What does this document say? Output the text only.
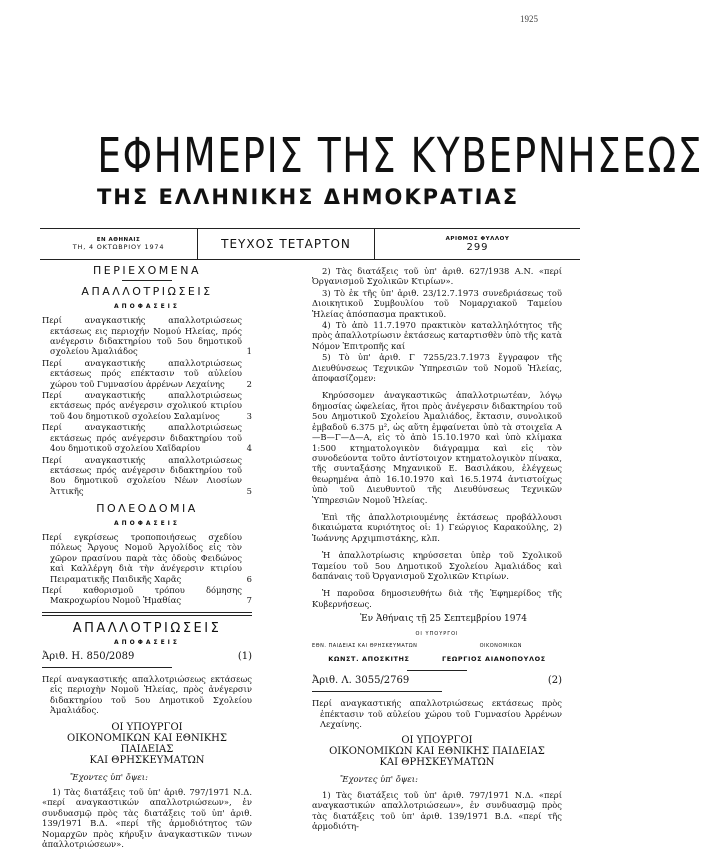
1925
ΕΦΗΜΕΡΙΣ ΤΗΣ ΚΥΒΕΡΝΗΣΕΩΣ
ΤΗΣ ΕΛΛΗΝΙΚΗΣ ΔΗΜΟΚΡΑΤΙΑΣ
ΕΝ ΑΘΗΝΑΙΣ
ΤΗ, 4 ΟΚΤΩΒΡΙΟΥ 1974	ΤΕΥΧΟΣ ΤΕΤΑΡΤΟΝ	ΑΡΙΘΜΟΣ ΦΥΛΛΟΥ
299
ΠΕΡΙΕΧΟΜΕΝΑ
ΑΠΑΛΛΟΤΡΙΩΣΕΙΣ
ΑΠΟΦΑΣΕΙΣ
Περί αναγκαστικής απαλλοτριώσεως εκτάσεως εις περιοχήν Νομού Ηλείας, πρός ανέγερσιν διδακτηρίου τοῦ 5ου δημοτικοῦ σχολείου Ἀμαλιάδος	1
Περί αναγκαστικής απαλλοτριώσεως εκτάσεως πρός επέκτασιν τοῦ αὐλείου χώρου τοῦ Γυμνασίου ἀρρένων Λεχαίνης	2
Περί αναγκαστικής απαλλοτριώσεως εκτάσεως πρός ανέγερσιν σχολικού κτιρίου τοῦ 4ου δημοτικοῦ σχολείου Σαλαμίνος	3
Περί αναγκαστικής απαλλοτριώσεως εκτάσεως πρός ανέγερσιν διδακτηρίου τοῦ 4ου δημοτικοῦ σχολείου Χαϊδαρίου	4
Περί αναγκαστικής απαλλοτριώσεως εκτάσεως πρός ανέγερσιν διδακτηρίου τοῦ 8ου δημοτικοῦ σχολείου Νέων Λιοσίων Ἀττικῆς	5
ΠΟΛΕΟΔΟΜΙΑ
ΑΠΟΦΑΣΕΙΣ
Περί εγκρίσεως τροποποιήσεως σχεδίου πόλεως Ἄργους Νομοῦ Ἀργολίδος εἰς τὸν χῶρον πρασίνου παρὰ τὰς ὁδοὺς Φειδώνος καὶ Καλλέργη διὰ τὴν ἀνέγερσιν κτιρίου Πειραματικῆς Παιδικῆς Χαρᾶς	6
Περί καθορισμοῦ τρόπου δόμησης Μακροχωρίου Νομοῦ Ἠμαθίας	7
ΑΠΑΛΛΟΤΡΙΩΣΕΙΣ
ΑΠΟΦΑΣΕΙΣ
Ἀριθ. Η. 850/2089	(1)
Περί αναγκαστικής απαλλοτριώσεως εκτάσεως εἰς περιοχὴν Νομοῦ Ἠλείας, πρὸς ἀνέγερσιν διδακτηρίου τοῦ 5ου Δημοτικοῦ Σχολείου Ἀμαλιάδος.
ΟΙ ΥΠΟΥΡΓΟΙ
ΟΙΚΟΝΟΜΙΚΩΝ ΚΑΙ ΕΘΝΙΚΗΣ ΠΑΙΔΕΙΑΣ
ΚΑΙ ΘΡΗΣΚΕΥΜΑΤΩΝ
Ἔχοντες ὑπ' ὄψει:
1) Τὰς διατάξεις τοῦ ὑπ' ἀριθ. 797/1971 Ν.Δ. «περί αναγκαστικών απαλλοτριώσεων», ἐν συνδυασμῷ πρὸς τὰς διατάξεις τοῦ ὑπ' ἀριθ. 139/1971 Β.Δ. «περί τῆς ἁρμοδιότητος τῶν Νομαρχῶν πρὸς κήρυξιν ἀναγκαστικῶν τινων ἀπαλλοτριώσεων».
2) Τὰς διατάξεις τοῦ ὑπ' ἀριθ. 627/1938 Α.Ν. «περί Ὀργανισμοῦ Σχολικῶν Κτιρίων».
3) Τὸ ἐκ τῆς ὑπ' ἀριθ. 23/12.7.1973 συνεδριάσεως τοῦ Διοικητικοῦ Συμβουλίου τοῦ Νομαρχιακοῦ Ταμείου Ἠλείας ἀπόσπασμα πρακτικοῦ.
4) Τὸ ἀπὸ 11.7.1970 πρακτικὸν καταλληλότητος τῆς πρὸς ἀπαλλοτρίωσιν ἐκτάσεως καταρτισθὲν ὑπὸ τῆς κατὰ Νόμον Ἐπιτροπῆς καί
5) Τὸ ὑπ' ἀριθ. Γ 7255/23.7.1973 ἔγγραφον τῆς Διευθύνσεως Τεχνικῶν Ὑπηρεσιῶν τοῦ Νομοῦ Ἠλείας, ἀποφασίζομεν:
Κηρύσσομεν ἀναγκαστικῶς ἀπαλλοτριωτέαν, λόγῳ δημοσίας ὠφελείας, ἤτοι πρὸς ἀνέγερσιν διδακτηρίου τοῦ 5ου Δημοτικοῦ Σχολείου Ἀμαλιάδος, ἔκτασιν, συνολικοῦ ἐμβαδοῦ 6.375 μ², ὡς αὕτη ἐμφαίνεται ὑπὸ τὰ στοιχεῖα Α—Β—Γ—Δ—Α, εἰς τὸ ἀπὸ 15.10.1970 καὶ ὑπὸ κλίμακα 1:500 κτηματολογικὸν διάγραμμα καὶ εἰς τὸν συνοδεύοντα τοῦτο ἀντίστοιχον κτηματολογικὸν πίνακα, τῆς συνταξάσης Μηχανικοῦ Ε. Βασιλάκου, ἐλέγχεως θεωρημένα ἀπὸ 16.10.1970 καὶ 16.5.1974 ἀντιστοίχως ὑπὸ τοῦ Διευθυντοῦ τῆς Διευθύνσεως Τεχνικῶν Ὑπηρεσιῶν Νομοῦ Ἠλείας.
Ἐπὶ τῆς ἀπαλλοτριουμένης ἐκτάσεως προβάλλουσι δικαιώματα κυριότητος οἱ: 1) Γεώργιος Καρακούλης, 2) Ἰωάννης Αρχιμπιστάκης, κλπ.
Ἡ ἀπαλλοτρίωσις κηρύσσεται ὑπὲρ τοῦ Σχολικοῦ Ταμείου τοῦ 5ου Δημοτικοῦ Σχολείου Ἀμαλιάδος καὶ δαπάναις τοῦ Ὀργανισμοῦ Σχολικῶν Κτιρίων.
Ἡ παροῦσα δημοσιευθήτω διὰ τῆς Ἐφημερίδος τῆς Κυβερνήσεως.
Ἐν Ἀθήναις τῇ 25 Σεπτεμβρίου 1974
ΟΙ ΥΠΟΥΡΓΟΙ
ΕΘΝ. ΠΑΙΔΕΙΑΣ ΚΑΙ ΘΡΗΣΚΕΥΜΑΤΩΝ	ΟΙΚΟΝΟΜΙΚΩΝ
ΚΩΝΣΤ. ΑΠΟΣΚΙΤΗΣ	ΓΕΩΡΓΙΟΣ ΑΙΑΝΟΠΟΥΛΟΣ
Ἀριθ. Λ. 3055/2769	(2)
Περί αναγκαστικής απαλλοτριώσεως εκτάσεως πρὸς ἐπέκτασιν τοῦ αὐλείου χώρου τοῦ Γυμνασίου Ἀρρένων Λεχαίνης.
ΟΙ ΥΠΟΥΡΓΟΙ
ΟΙΚΟΝΟΜΙΚΩΝ ΚΑΙ ΕΘΝΙΚΗΣ ΠΑΙΔΕΙΑΣ
ΚΑΙ ΘΡΗΣΚΕΥΜΑΤΩΝ
Ἔχοντες ὑπ' ὄψει:
1) Τὰς διατάξεις τοῦ ὑπ' ἀριθ. 797/1971 Ν.Δ. «περί αναγκαστικών απαλλοτριώσεων», ἐν συνδυασμῷ πρὸς τὰς διατάξεις τοῦ ὑπ' ἀριθ. 139/1971 Β.Δ. «περί τῆς ἁρμοδιότη-
